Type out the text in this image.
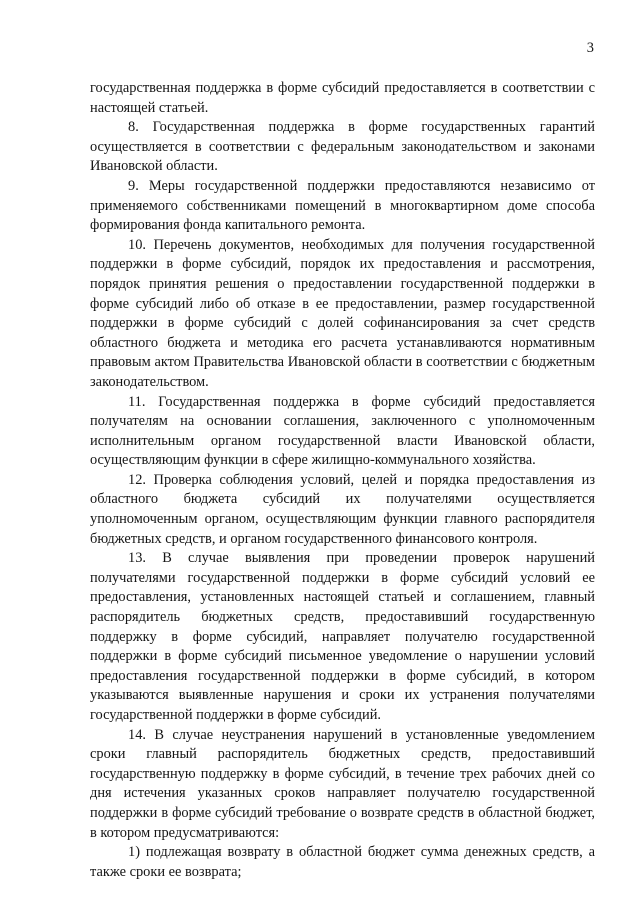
3

государственная поддержка в форме субсидий предоставляется в соответствии с настоящей статьей.

8. Государственная поддержка в форме государственных гарантий осуществляется в соответствии с федеральным законодательством и законами Ивановской области.

9. Меры государственной поддержки предоставляются независимо от применяемого собственниками помещений в многоквартирном доме способа формирования фонда капитального ремонта.

10. Перечень документов, необходимых для получения государственной поддержки в форме субсидий, порядок их предоставления и рассмотрения, порядок принятия решения о предоставлении государственной поддержки в форме субсидий либо об отказе в ее предоставлении, размер государственной поддержки в форме субсидий с долей софинансирования за счет средств областного бюджета и методика его расчета устанавливаются нормативным правовым актом Правительства Ивановской области в соответствии с бюджетным законодательством.

11. Государственная поддержка в форме субсидий предоставляется получателям на основании соглашения, заключенного с уполномоченным исполнительным органом государственной власти Ивановской области, осуществляющим функции в сфере жилищно-коммунального хозяйства.

12. Проверка соблюдения условий, целей и порядка предоставления из областного бюджета субсидий их получателями осуществляется уполномоченным органом, осуществляющим функции главного распорядителя бюджетных средств, и органом государственного финансового контроля.

13. В случае выявления при проведении проверок нарушений получателями государственной поддержки в форме субсидий условий ее предоставления, установленных настоящей статьей и соглашением, главный распорядитель бюджетных средств, предоставивший государственную поддержку в форме субсидий, направляет получателю государственной поддержки в форме субсидий письменное уведомление о нарушении условий предоставления государственной поддержки в форме субсидий, в котором указываются выявленные нарушения и сроки их устранения получателями государственной поддержки в форме субсидий.

14. В случае неустранения нарушений в установленные уведомлением сроки главный распорядитель бюджетных средств, предоставивший государственную поддержку в форме субсидий, в течение трех рабочих дней со дня истечения указанных сроков направляет получателю государственной поддержки в форме субсидий требование о возврате средств в областной бюджет, в котором предусматриваются:

1) подлежащая возврату в областной бюджет сумма денежных средств, а также сроки ее возврата;
